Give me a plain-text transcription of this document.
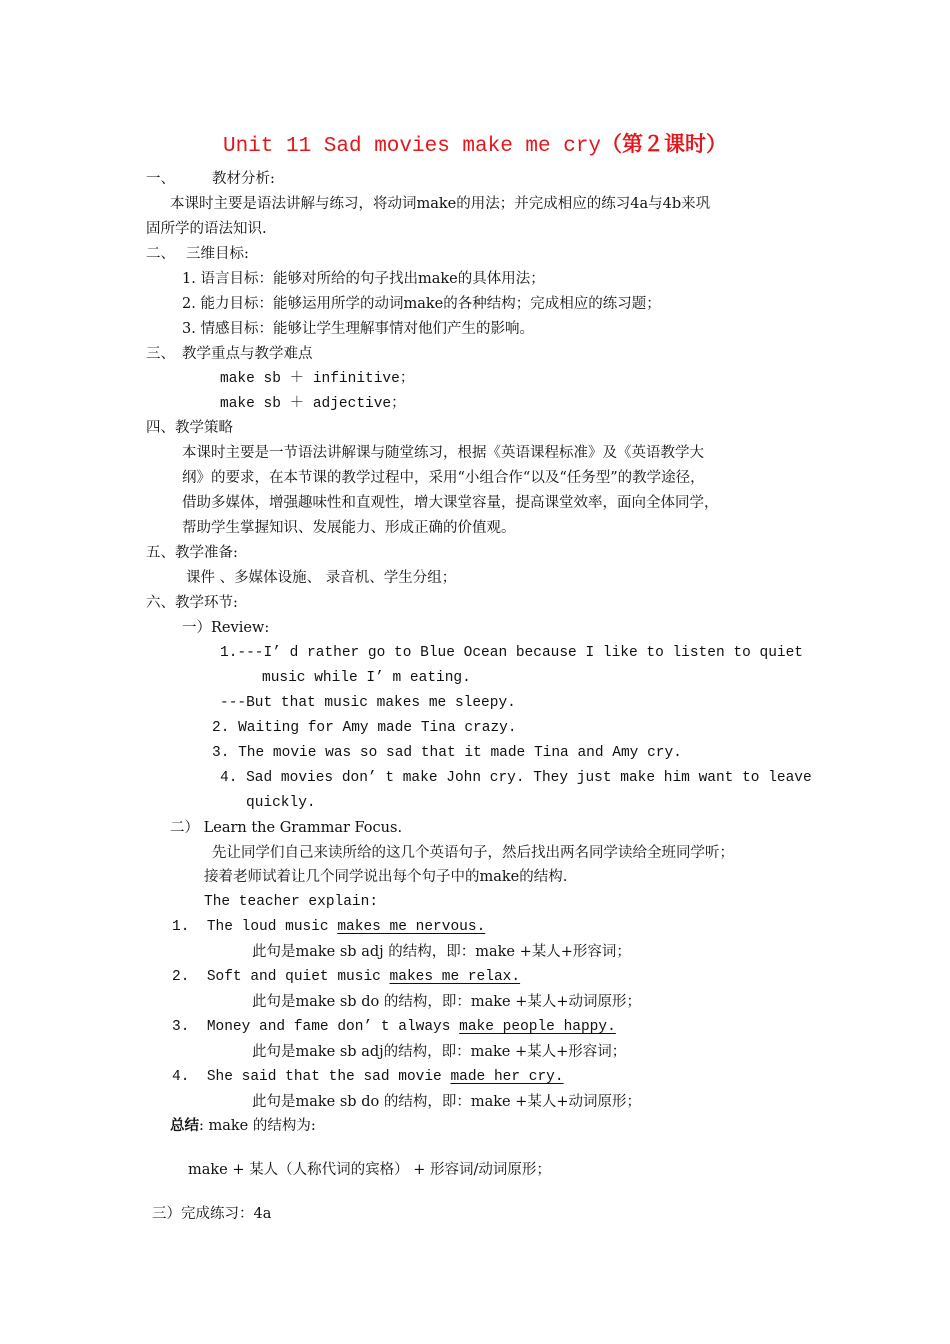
Unit 11 Sad movies make me cry（第２课时）
一、	教材分析:
本课时主要是语法讲解与练习，将动词make的用法；并完成相应的练习4a与4b来巩
固所学的语法知识.
二、 三维目标:
1. 语言目标：能够对所给的句子找出make的具体用法；
2. 能力目标：能够运用所学的动词make的各种结构；完成相应的练习题；
3. 情感目标：能够让学生理解事情对他们产生的影响。
三、 教学重点与教学难点
make sb ＋ infinitive；
make sb ＋ adjective；
四、教学策略
本课时主要是一节语法讲解课与随堂练习，根据《英语课程标准》及《英语教学大
纲》的要求，在本节课的教学过程中，采用“小组合作“以及“任务型”的教学途径，
借助多媒体，增强趣味性和直观性，增大课堂容量，提高课堂效率，面向全体同学，
帮助学生掌握知识、发展能力、形成正确的价值观。
五、教学准备:
课件 、多媒体设施、 录音机、学生分组；
六、教学环节:
一）Review:
1.---I’ d rather go to Blue Ocean because I like to listen to quiet
music while I’ m eating.
---But that music makes me sleepy.
2. Waiting for Amy made Tina crazy.
3. The movie was so sad that it made Tina and Amy cry.
4. Sad movies don’ t make John cry. They just make him want to leave
quickly.
二） Learn the Grammar Focus.
先让同学们自己来读所给的这几个英语句子，然后找出两名同学读给全班同学听；
接着老师试着让几个同学说出每个句子中的make的结构.
The teacher explain:
1. The loud music makes me nervous.
此句是make sb adj 的结构，即：make +某人+形容词；
2. Soft and quiet music makes me relax.
此句是make sb do 的结构，即：make +某人+动词原形；
3. Money and fame don’ t always make people happy.
此句是make sb adj的结构，即：make +某人+形容词；
4. She said that the sad movie made her cry.
此句是make sb do 的结构，即：make +某人+动词原形；
总结: make 的结构为:
make + 某人（人称代词的宾格） + 形容词/动词原形；
三）完成练习：4a
